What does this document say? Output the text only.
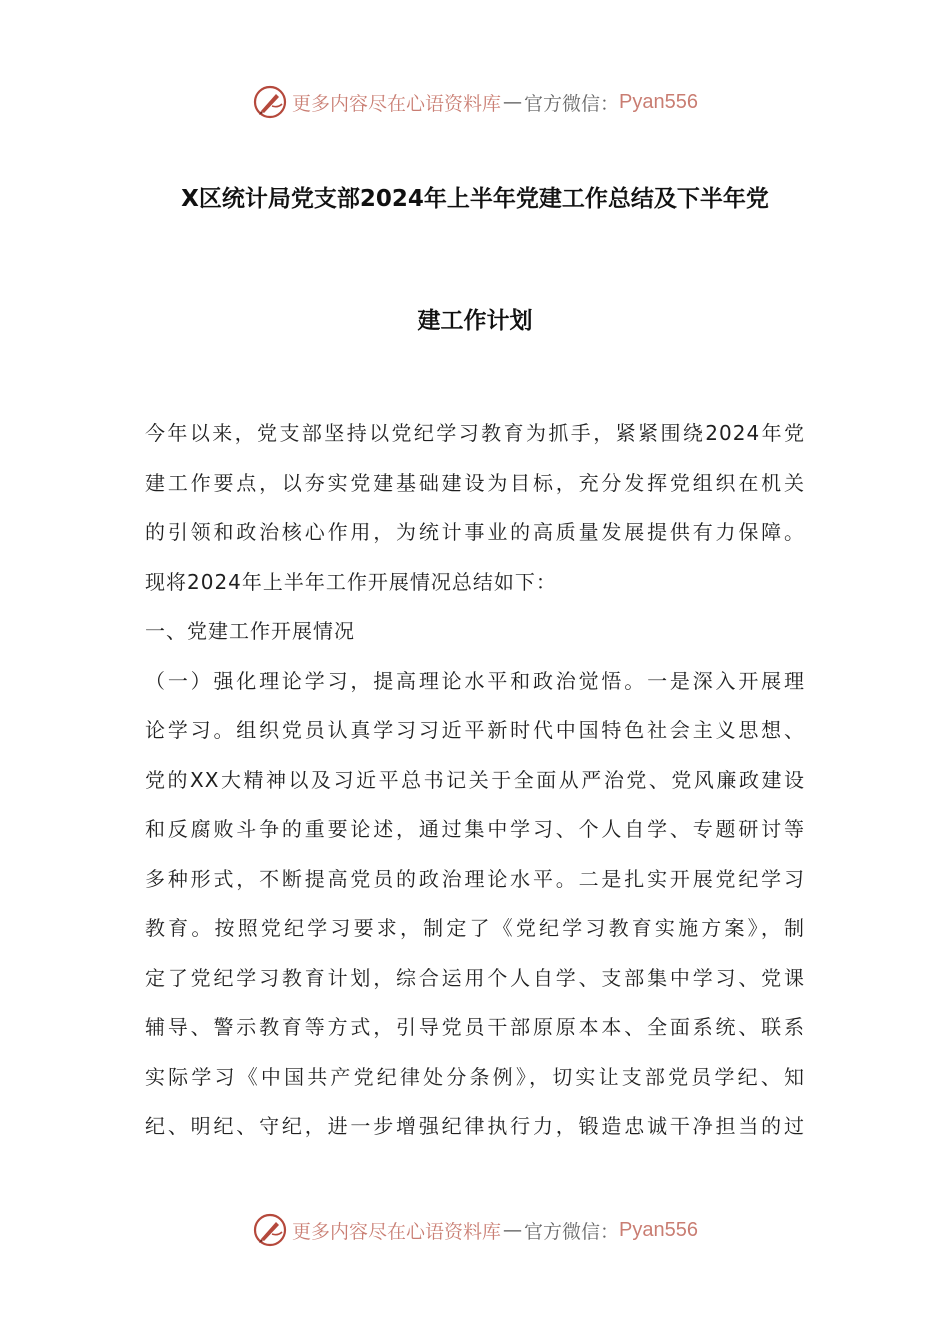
更多内容尽在心语资料库 — 官方微信： Pyan556
X区统计局党支部2024年上半年党建工作总结及下半年党
建工作计划
今年以来，党支部坚持以党纪学习教育为抓手，紧紧围绕2024年党
建工作要点，以夯实党建基础建设为目标，充分发挥党组织在机关
的引领和政治核心作用，为统计事业的高质量发展提供有力保障。
现将2024年上半年工作开展情况总结如下：
一、党建工作开展情况
（一）强化理论学习，提高理论水平和政治觉悟。一是深入开展理
论学习。组织党员认真学习习近平新时代中国特色社会主义思想、
党的XX大精神以及习近平总书记关于全面从严治党、党风廉政建设
和反腐败斗争的重要论述，通过集中学习、个人自学、专题研讨等
多种形式，不断提高党员的政治理论水平。二是扎实开展党纪学习
教育。按照党纪学习要求，制定了《党纪学习教育实施方案》，制
定了党纪学习教育计划，综合运用个人自学、支部集中学习、党课
辅导、警示教育等方式，引导党员干部原原本本、全面系统、联系
实际学习《中国共产党纪律处分条例》，切实让支部党员学纪、知
纪、明纪、守纪，进一步增强纪律执行力，锻造忠诚干净担当的过
更多内容尽在心语资料库 — 官方微信： Pyan556
